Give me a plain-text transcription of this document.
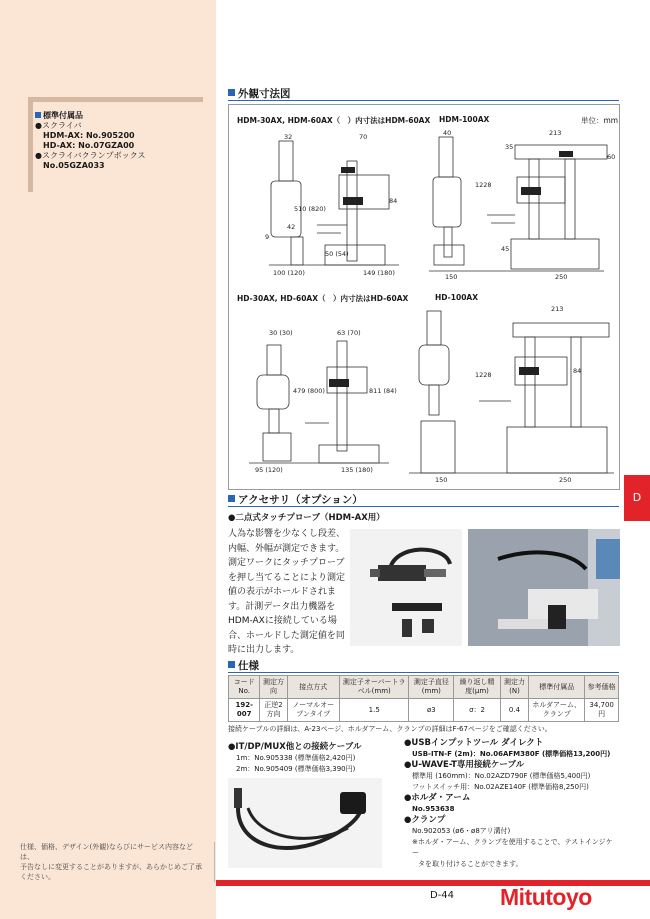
標準付属品
●スクライバ
HDM-AX: No.905200
HD-AX: No.07GZA00
●スクライバクランプボックス
No.05GZA033
仕様、価格、デザイン(外観)ならびにサービス内容などは、
予告なしに変更することがありますが、あらかじめご了承ください。
外観寸法図
HDM-30AX, HDM-60AX（　）内寸法はHDM-60AX HDM-100AX	単位：mm
HD-30AX, HD-60AX（　）内寸法はHD-60AX	HD-100AX
32	70
510 (820)
84
42
9
50 (54)
100 (120)	149 (180)
40	213
35
60
1228
45
150	250
30 (30)	63 (70)
479 (800)	811 (84)
95 (120)	135 (180)
213
1228	84
150	250
D
アクセサリ（オプション）
●二点式タッチプローブ（HDM-AX用）
人為な影響を少なくし段差、
内幅、外幅が測定できます。
測定ワークにタッチプローブ
を押し当てることにより測定
値の表示がホールドされま
す。計測データ出力機器を
HDM-AXに接続している場
合、ホールドした測定値を同
時に出力します。
仕様
コードNo.	測定方向	接点方式	測定子オーバートラベル(mm)	測定子直径(mm)	繰り返し精度(μm)	測定力(N)	標準付属品	参考価格
192-007	正逆2方向	ノーマルオープンタイプ	1.5	ø3	σ：2	0.4	ホルダアーム、クランプ	34,700円
接続ケーブルの詳細は、A-23ページ、ホルダアーム、クランプの詳細はF-67ページをご確認ください。
●IT/DP/MUX他との接続ケーブル
1m：No.905338 (標準価格2,420円)
2m：No.905409 (標準価格3,390円)
●USBインプットツール ダイレクト
USB-ITN-F (2m)：No.06AFM380F (標準価格13,200円)
●U-WAVE-T専用接続ケーブル
標準用 (160mm)：No.02AZD790F (標準価格5,400円)
フットスイッチ用：No.02AZE140F (標準価格8,250円)
●ホルダ・アーム
No.953638
●クランプ
No.902053 (ø6・ø8アリ溝付)
※ホルダ・アーム、クランプを使用することで、テストインジケー
タを取り付けることができます。
D-44 Mitutoyo
